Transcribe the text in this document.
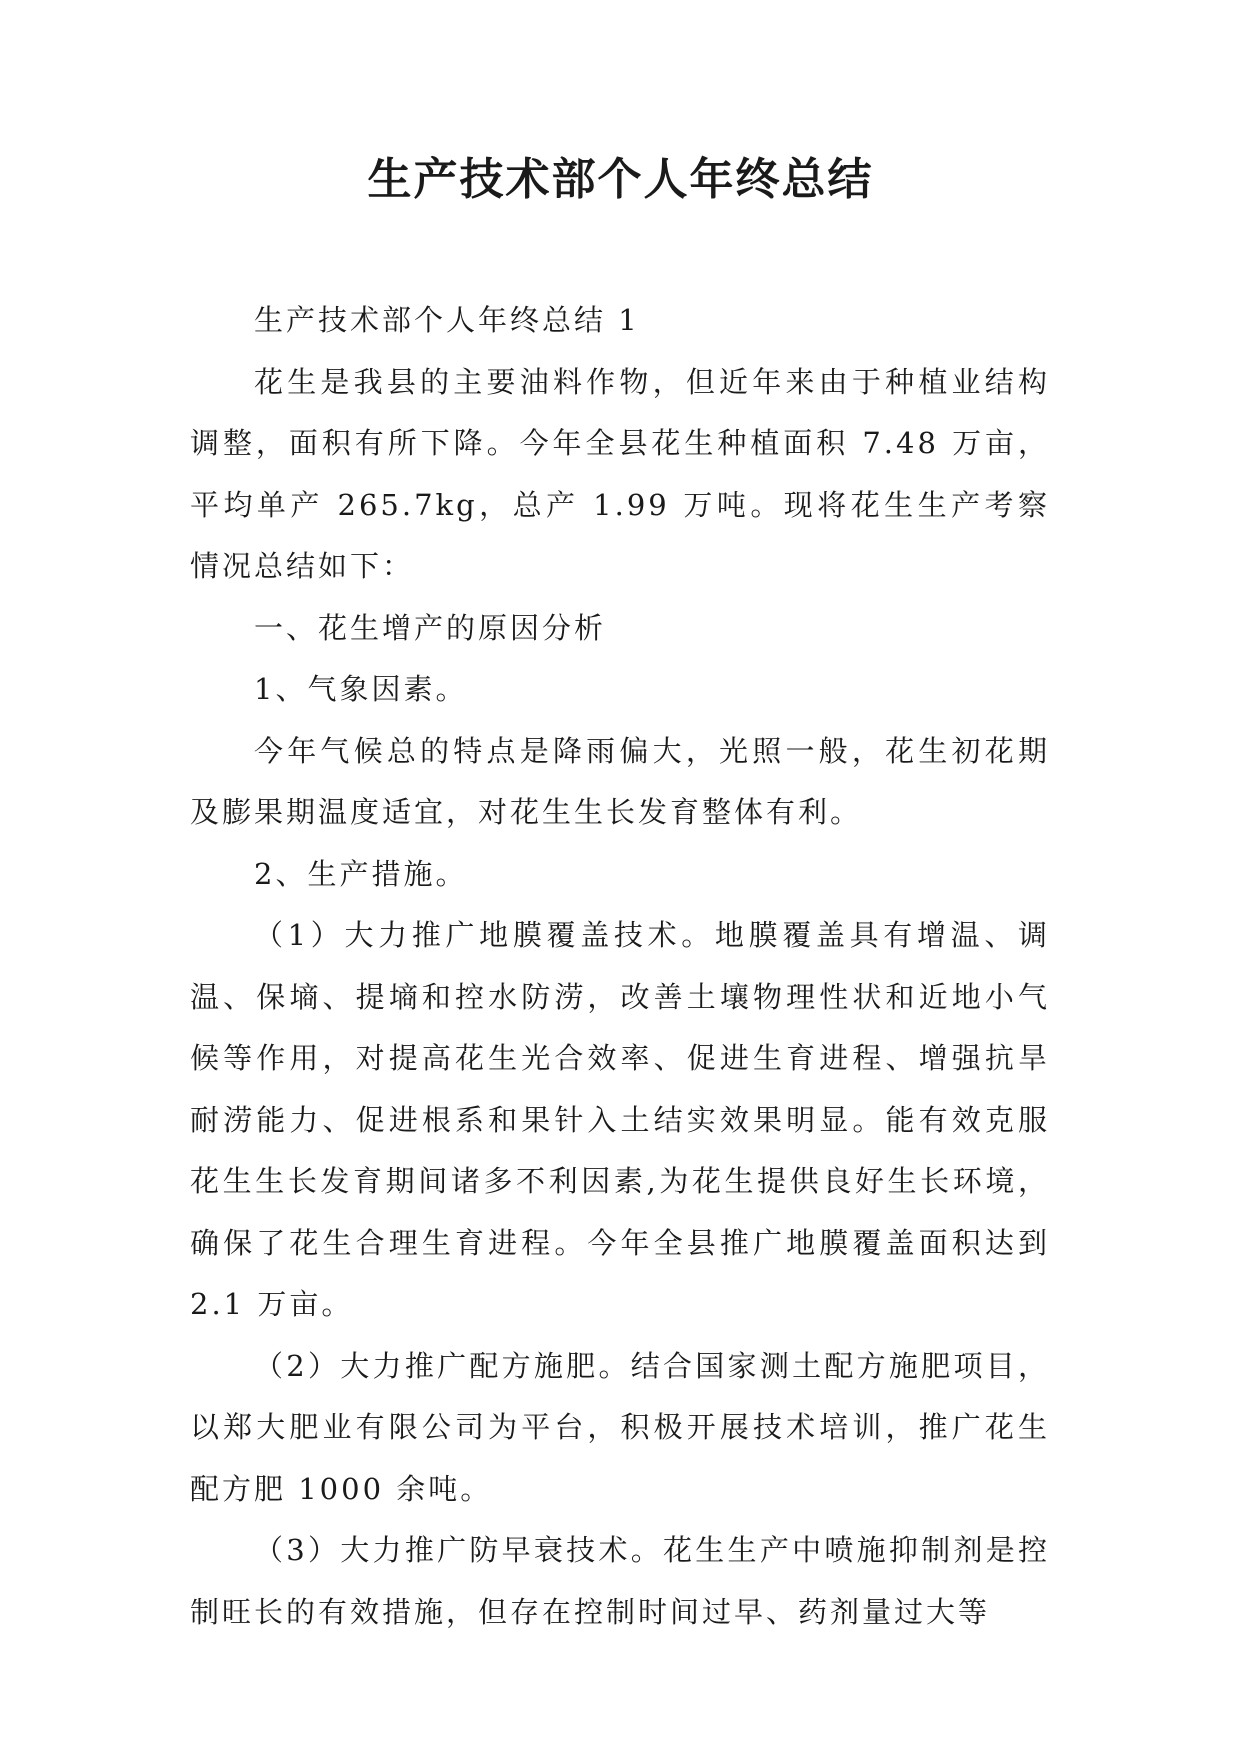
生产技术部个人年终总结

生产技术部个人年终总结 1

花生是我县的主要油料作物，但近年来由于种植业结构调整，面积有所下降。今年全县花生种植面积 7.48 万亩，平均单产 265.7kg，总产 1.99 万吨。现将花生生产考察情况总结如下：

一、花生增产的原因分析

1、气象因素。

今年气候总的特点是降雨偏大，光照一般，花生初花期及膨果期温度适宜，对花生生长发育整体有利。

2、生产措施。

（1）大力推广地膜覆盖技术。地膜覆盖具有增温、调温、保墒、提墒和控水防涝，改善土壤物理性状和近地小气候等作用，对提高花生光合效率、促进生育进程、增强抗旱耐涝能力、促进根系和果针入土结实效果明显。能有效克服花生生长发育期间诸多不利因素,为花生提供良好生长环境，确保了花生合理生育进程。今年全县推广地膜覆盖面积达到 2.1 万亩。

（2）大力推广配方施肥。结合国家测土配方施肥项目，以郑大肥业有限公司为平台，积极开展技术培训，推广花生配方肥 1000 余吨。

（3）大力推广防早衰技术。花生生产中喷施抑制剂是控制旺长的有效措施，但存在控制时间过早、药剂量过大等
